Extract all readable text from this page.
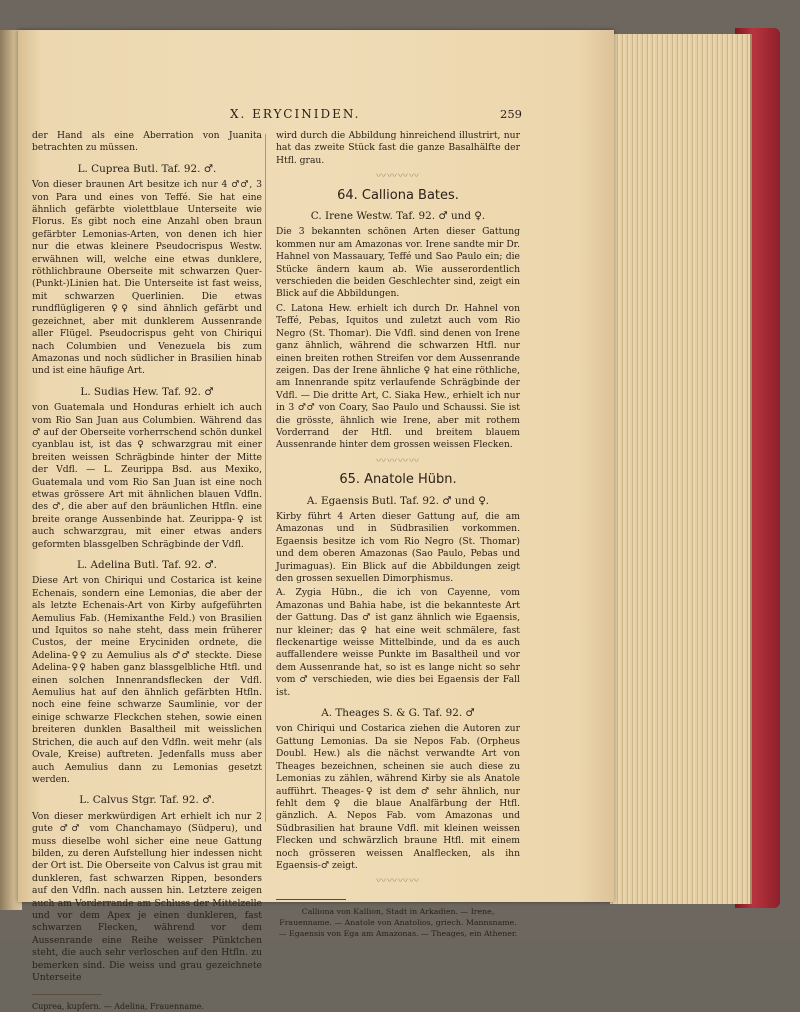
X. ERYCINIDEN.	259

der Hand als eine Aberration von Juanita betrachten zu müssen.

L. Cuprea Butl. Taf. 92. ♂.

Von dieser braunen Art besitze ich nur 4 ♂♂, 3 von Para und eines von Teffé. Sie hat eine ähnlich gefärbte violettblaue Unterseite wie Florus. Es gibt noch eine Anzahl oben braun gefärbter Lemonias-Arten, von denen ich hier nur die etwas kleinere Pseudocrispus Westw. erwähnen will, welche eine etwas dunklere, röthlichbraune Oberseite mit schwarzen Quer-(Punkt-)Linien hat. Die Unterseite ist fast weiss, mit schwarzen Querlinien. Die etwas rundflügligeren ♀♀ sind ähnlich gefärbt und gezeichnet, aber mit dunklerem Aussenrande aller Flügel. Pseudocrispus geht von Chiriqui nach Columbien und Venezuela bis zum Amazonas und noch südlicher in Brasilien hinab und ist eine häufige Art.

L. Sudias Hew. Taf. 92. ♂

von Guatemala und Honduras erhielt ich auch vom Rio San Juan aus Columbien. Während das ♂ auf der Oberseite vorherrschend schön dunkel cyanblau ist, ist das ♀ schwarzgrau mit einer breiten weissen Schrägbinde hinter der Mitte der Vdfl. — L. Zeurippa Bsd. aus Mexiko, Guatemala und vom Rio San Juan ist eine noch etwas grössere Art mit ähnlichen blauen Vdfln. des ♂, die aber auf den bräunlichen Htfln. eine breite orange Aussenbinde hat. Zeurippa-♀ ist auch schwarzgrau, mit einer etwas anders geformten blassgelben Schrägbinde der Vdfl.

L. Adelina Butl. Taf. 92. ♂.

Diese Art von Chiriqui und Costarica ist keine Echenais, sondern eine Lemonias, die aber der als letzte Echenais-Art von Kirby aufgeführten Aemulius Fab. (Hemixanthe Feld.) von Brasilien und Iquitos so nahe steht, dass mein früherer Custos, der meine Eryciniden ordnete, die Adelina-♀♀ zu Aemulius als ♂♂ steckte. Diese Adelina-♀♀ haben ganz blassgelbliche Htfl. und einen solchen Innenrandsflecken der Vdfl. Aemulius hat auf den ähnlich gefärbten Htfln. noch eine feine schwarze Saumlinie, vor der einige schwarze Fleckchen stehen, sowie einen breiteren dunklen Basaltheil mit weisslichen Strichen, die auch auf den Vdfln. weit mehr (als Ovale, Kreise) auftreten. Jedenfalls muss aber auch Aemulius dann zu Lemonias gesetzt werden.

L. Calvus Stgr. Taf. 92. ♂.

Von dieser merkwürdigen Art erhielt ich nur 2 gute ♂♂ vom Chanchamayo (Südperu), und muss dieselbe wohl sicher eine neue Gattung bilden, zu deren Aufstellung hier indessen nicht der Ort ist. Die Oberseite von Calvus ist grau mit dunkleren, fast schwarzen Rippen, besonders auf den Vdfln. nach aussen hin. Letztere zeigen auch am Vorderrande am Schluss der Mittelzelle und vor dem Apex je einen dunkleren, fast schwarzen Flecken, während vor dem Aussenrande eine Reihe weisser Pünktchen steht, die auch sehr verloschen auf den Htfln. zu bemerken sind. Die weiss und grau gezeichnete Unterseite

Cuprea, kupfern. — Adelina, Frauenname.

wird durch die Abbildung hinreichend illustrirt, nur hat das zweite Stück fast die ganze Basalhälfte der Htfl. grau.

〰〰〰〰
64. Calliona Bates.
C. Irene Westw. Taf. 92. ♂ und ♀.

Die 3 bekannten schönen Arten dieser Gattung kommen nur am Amazonas vor. Irene sandte mir Dr. Hahnel von Massauary, Teffé und Sao Paulo ein; die Stücke ändern kaum ab. Wie ausserordentlich verschieden die beiden Geschlechter sind, zeigt ein Blick auf die Abbildungen.

C. Latona Hew. erhielt ich durch Dr. Hahnel von Teffé, Pebas, Iquitos und zuletzt auch vom Rio Negro (St. Thomar). Die Vdfl. sind denen von Irene ganz ähnlich, während die schwarzen Htfl. nur einen breiten rothen Streifen vor dem Aussenrande zeigen. Das der Irene ähnliche ♀ hat eine röthliche, am Innenrande spitz verlaufende Schrägbinde der Vdfl. — Die dritte Art, C. Siaka Hew., erhielt ich nur in 3 ♂♂ von Coary, Sao Paulo und Schaussi. Sie ist die grösste, ähnlich wie Irene, aber mit rothem Vorderrand der Htfl. und breitem blauem Aussenrande hinter dem grossen weissen Flecken.

〰〰〰〰
65. Anatole Hübn.
A. Egaensis Butl. Taf. 92. ♂ und ♀.

Kirby führt 4 Arten dieser Gattung auf, die am Amazonas und in Südbrasilien vorkommen. Egaensis besitze ich vom Rio Negro (St. Thomar) und dem oberen Amazonas (Sao Paulo, Pebas und Jurimaguas). Ein Blick auf die Abbildungen zeigt den grossen sexuellen Dimorphismus.

A. Zygia Hübn., die ich von Cayenne, vom Amazonas und Bahia habe, ist die bekannteste Art der Gattung. Das ♂ ist ganz ähnlich wie Egaensis, nur kleiner; das ♀ hat eine weit schmälere, fast fleckenartige weisse Mittelbinde, und da es auch auffallendere weisse Punkte im Basaltheil und vor dem Aussenrande hat, so ist es lange nicht so sehr vom ♂ verschieden, wie dies bei Egaensis der Fall ist.

A. Theages S. & G. Taf. 92. ♂

von Chiriqui und Costarica ziehen die Autoren zur Gattung Lemonias. Da sie Nepos Fab. (Orpheus Doubl. Hew.) als die nächst verwandte Art von Theages bezeichnen, scheinen sie auch diese zu Lemonias zu zählen, während Kirby sie als Anatole aufführt. Theages-♀ ist dem ♂ sehr ähnlich, nur fehlt dem ♀ die blaue Analfärbung der Htfl. gänzlich. A. Nepos Fab. vom Amazonas und Südbrasilien hat braune Vdfl. mit kleinen weissen Flecken und schwärzlich braune Htfl. mit einem noch grösseren weissen Analflecken, als ihn Egaensis-♂ zeigt.

〰〰〰〰
Calliona von Kallion, Stadt in Arkadien. — Irene, Frauenname. — Anatole von Anatolios, griech. Mannsname. — Egaensis von Ega am Amazonas. — Theages, ein Athener.
